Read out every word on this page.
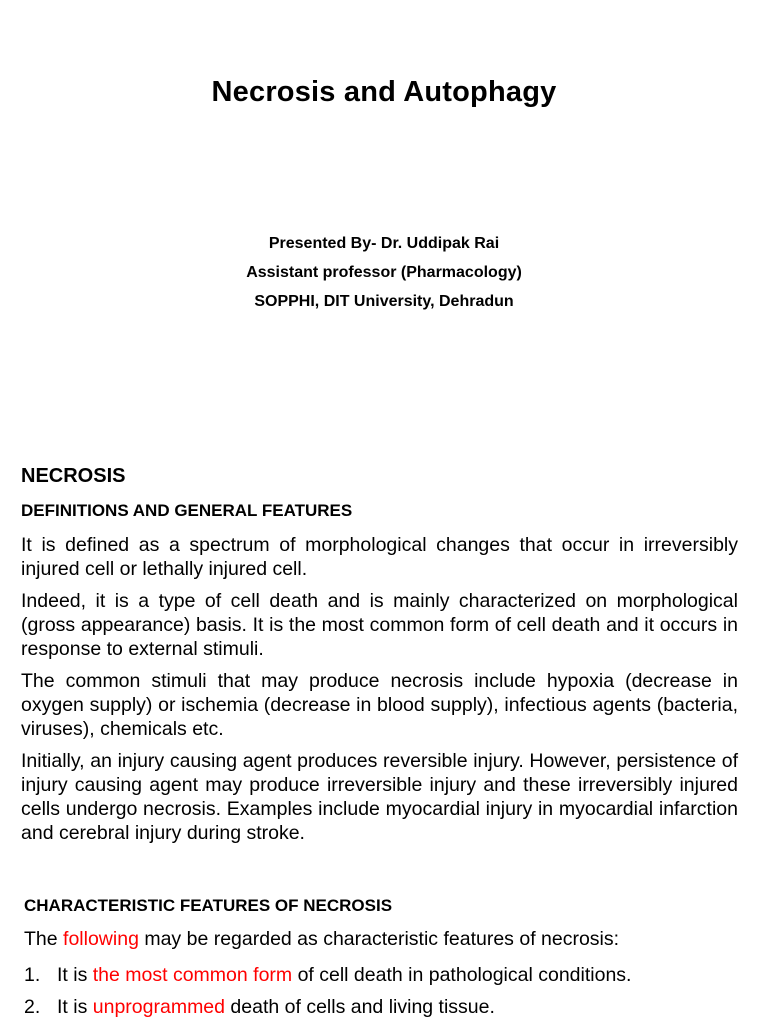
Necrosis and Autophagy
Presented By- Dr. Uddipak Rai
Assistant professor (Pharmacology)
SOPPHI, DIT University, Dehradun
NECROSIS
DEFINITIONS AND GENERAL FEATURES
It is defined as a spectrum of morphological changes that occur in irreversibly injured cell or lethally injured cell.
Indeed, it is a type of cell death and is mainly characterized on morphological (gross appearance) basis. It is the most common form of cell death and it occurs in response to external stimuli.
The common stimuli that may produce necrosis include hypoxia (decrease in oxygen supply) or ischemia (decrease in blood supply), infectious agents (bacteria, viruses), chemicals etc.
Initially, an injury causing agent produces reversible injury. However, persistence of injury causing agent may produce irreversible injury and these irreversibly injured cells undergo necrosis. Examples include myocardial injury in myocardial infarction and cerebral injury during stroke.
CHARACTERISTIC FEATURES OF NECROSIS
The following may be regarded as characteristic features of necrosis:
1. It is the most common form of cell death in pathological conditions.
2. It is unprogrammed death of cells and living tissue.
